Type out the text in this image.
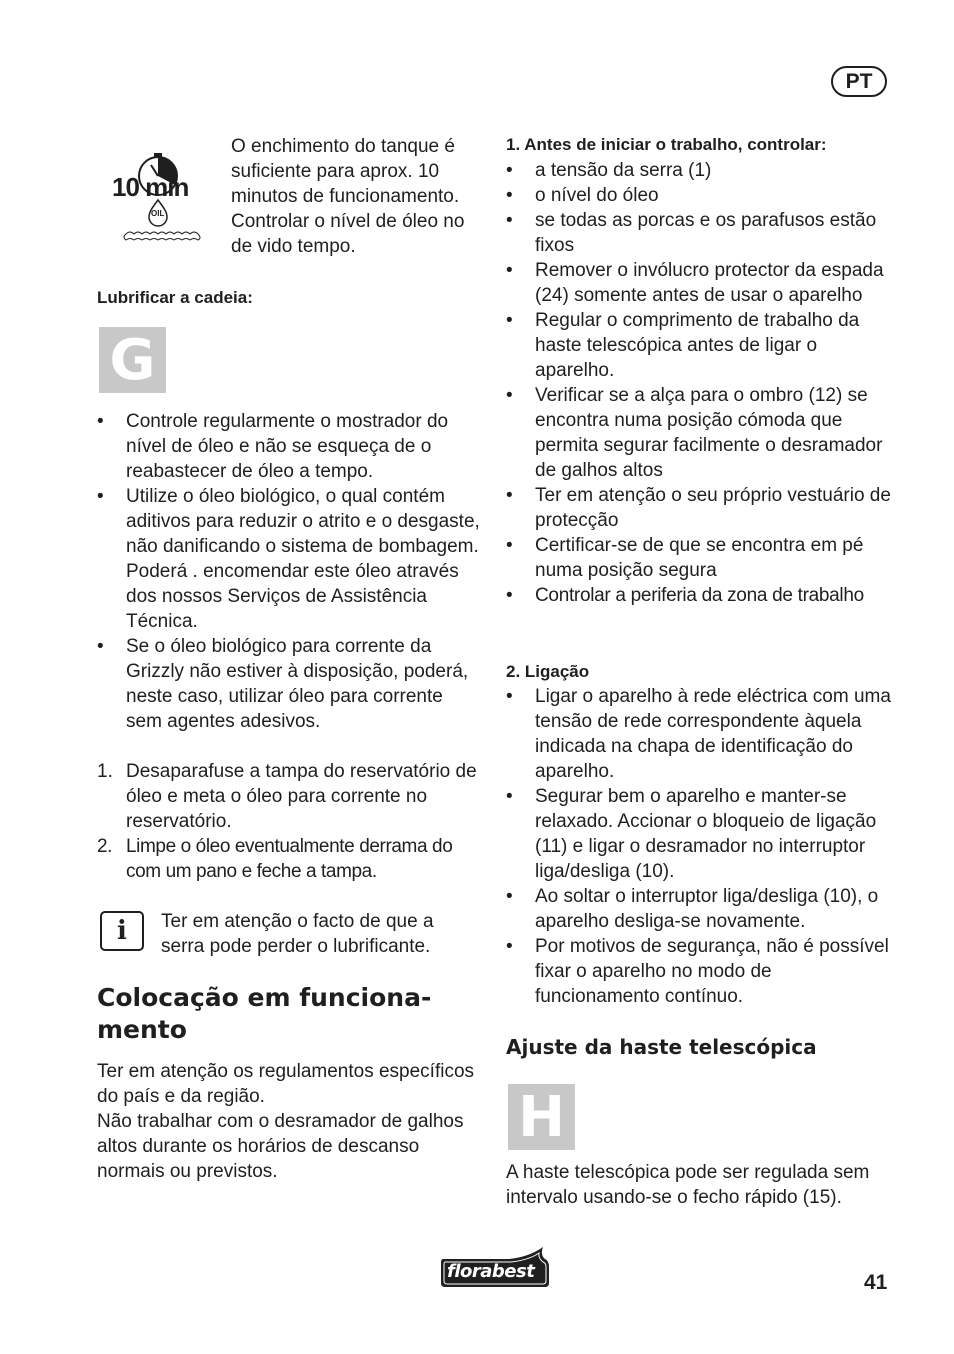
PT
10 min
OIL
O enchimento do tanque é suficiente para aprox. 10 minutos de funcionamento. Controlar o nível de óleo no de vido tempo.
Lubrificar a cadeia:
G
• Controle regularmente o mostrador do nível de óleo e não se esqueça de o reabastecer de óleo a tempo.
• Utilize o óleo biológico, o qual contém aditivos para reduzir o atrito e o desgaste, não danificando o sistema de bombagem. Poderá . encomendar este óleo através dos nossos Serviços de Assistência Técnica.
• Se o óleo biológico para corrente da Grizzly não estiver à disposição, poderá, neste caso, utilizar óleo para corrente sem agentes adesivos.
1. Desaparafuse a tampa do reservatório de óleo e meta o óleo para corrente no reservatório.
2. Limpe o óleo eventualmente derrama do com um pano e feche a tampa.
i Ter em atenção o facto de que a serra pode perder o lubrificante.
Colocação em funciona-
mento
Ter em atenção os regulamentos específicos do país e da região.
Não trabalhar com o desramador de galhos altos durante os horários de descanso normais ou previstos.
1. Antes de iniciar o trabalho, controlar:
• a tensão da serra (1)
• o nível do óleo
• se todas as porcas e os parafusos estão fixos
• Remover o invólucro protector da espada (24) somente antes de usar o aparelho
• Regular o comprimento de trabalho da haste telescópica antes de ligar o aparelho.
• Verificar se a alça para o ombro (12) se encontra numa posição cómoda que permita segurar facilmente o desramador de galhos altos
• Ter em atenção o seu próprio vestuário de protecção
• Certificar-se de que se encontra em pé numa posição segura
• Controlar a periferia da zona de trabalho
2. Ligação
• Ligar o aparelho à rede eléctrica com uma tensão de rede correspondente àquela indicada na chapa de identificação do aparelho.
• Segurar bem o aparelho e manter-se relaxado. Accionar o bloqueio de ligação (11) e ligar o desramador no interruptor liga/desliga (10).
• Ao soltar o interruptor liga/desliga (10), o aparelho desliga-se novamente.
• Por motivos de segurança, não é possível fixar o aparelho no modo de funcionamento contínuo.
Ajuste da haste telescópica
H
A haste telescópica pode ser regulada sem intervalo usando-se o fecho rápido (15).
florabest	41
